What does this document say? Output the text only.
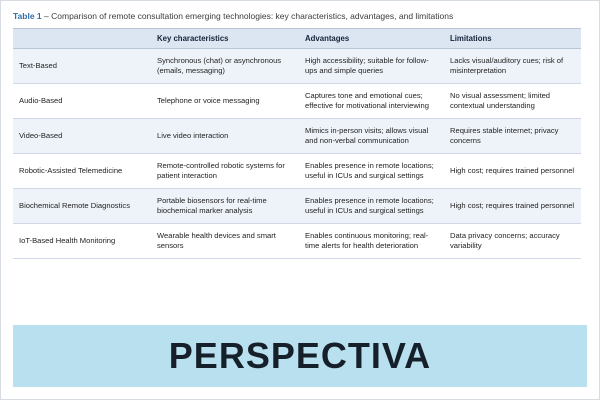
Table 1 – Comparison of remote consultation emerging technologies: key characteristics, advantages, and limitations
	Key characteristics	Advantages	Limitations
Text-Based	Synchronous (chat) or asynchronous (emails, messaging)	High accessibility; suitable for follow-ups and simple queries	Lacks visual/auditory cues; risk of misinterpretation
Audio-Based	Telephone or voice messaging	Captures tone and emotional cues; effective for motivational interviewing	No visual assessment; limited contextual understanding
Video-Based	Live video interaction	Mimics in-person visits; allows visual and non-verbal communication	Requires stable internet; privacy concerns
Robotic-Assisted Telemedicine	Remote-controlled robotic systems for patient interaction	Enables presence in remote locations; useful in ICUs and surgical settings	High cost; requires trained personnel
Biochemical Remote Diagnostics	Portable biosensors for real-time biochemical marker analysis	Enables presence in remote locations; useful in ICUs and surgical settings	High cost; requires trained personnel
IoT-Based Health Monitoring	Wearable health devices and smart sensors	Enables continuous monitoring; real-time alerts for health deterioration	Data privacy concerns; accuracy variability
PERSPECTIVA
